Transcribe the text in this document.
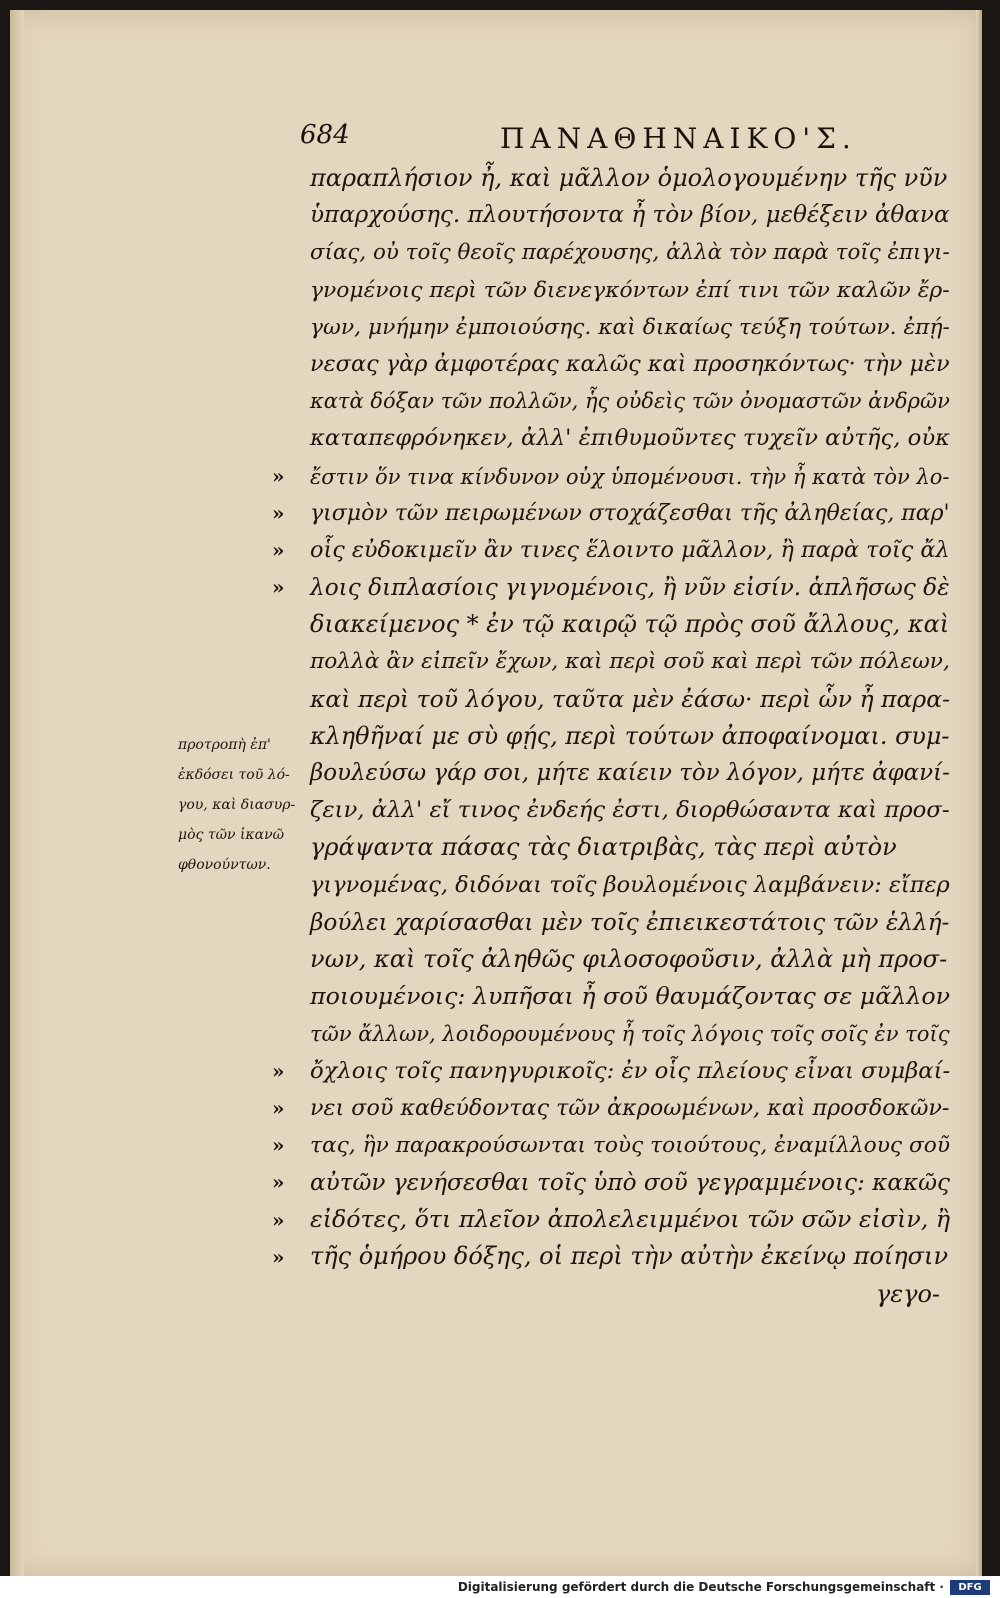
684	ΠΑΝΑΘΗΝΑΙΚΟ'Σ.
παραπλήσιον ἦ, καὶ μᾶλλον ὁμολογουμένην τῆς νῦν
ὑπαρχούσης. πλουτήσοντα ἦ τὸν βίον, μεθέξειν ἀθανα
σίας, οὐ τοῖς θεοῖς παρέχουσης, ἀλλὰ τὸν παρὰ τοῖς ἐπιγι-
γνομένοις περὶ τῶν διενεγκόντων ἐπί τινι τῶν καλῶν ἔρ-
γων, μνήμην ἐμποιούσης. καὶ δικαίως τεύξη τούτων. ἐπῄ-
νεσας γὰρ ἀμφοτέρας καλῶς καὶ προσηκόντως· τὴν μὲν
κατὰ δόξαν τῶν πολλῶν, ἧς οὐδεὶς τῶν ὀνομαστῶν ἀνδρῶν
καταπεφρόνηκεν, ἀλλ' ἐπιθυμοῦντες τυχεῖν αὐτῆς, οὐκ
ἔστιν ὅν τινα κίνδυνον οὐχ ὑπομένουσι. τὴν ἦ κατὰ τὸν λο-
γισμὸν τῶν πειρωμένων στοχάζεσθαι τῆς ἀληθείας, παρ'
οἷς εὐδοκιμεῖν ἂν τινες ἕλοιντο μᾶλλον, ἢ παρὰ τοῖς ἄλ
λοις διπλασίοις γιγνομένοις, ἢ νῦν εἰσίν. ἁπλῆσως δὲ
διακείμενος * ἐν τῷ καιρῷ τῷ πρὸς σοῦ ἄλλους, καὶ
πολλὰ ἂν εἰπεῖν ἔχων, καὶ περὶ σοῦ καὶ περὶ τῶν πόλεων,
καὶ περὶ τοῦ λόγου, ταῦτα μὲν ἐάσω· περὶ ὧν ἦ παρα-
κληθῆναί με σὺ φῄς, περὶ τούτων ἀποφαίνομαι. συμ-
βουλεύσω γάρ σοι, μήτε καίειν τὸν λόγον, μήτε ἀφανί-
ζειν, ἀλλ' εἴ τινος ἐνδεής ἐστι, διορθώσαντα καὶ προσ-
γράψαντα πάσας τὰς διατριβὰς, τὰς περὶ αὐτὸν
γιγνομένας, διδόναι τοῖς βουλομένοις λαμβάνειν: εἴπερ
βούλει χαρίσασθαι μὲν τοῖς ἐπιεικεστάτοις τῶν ἑλλή-
νων, καὶ τοῖς ἀληθῶς φιλοσοφοῦσιν, ἀλλὰ μὴ προσ-
ποιουμένοις: λυπῆσαι ἦ σοῦ θαυμάζοντας σε μᾶλλον
τῶν ἄλλων, λοιδορουμένους ἦ τοῖς λόγοις τοῖς σοῖς ἐν τοῖς
ὄχλοις τοῖς πανηγυρικοῖς: ἐν οἷς πλείους εἶναι συμβαί-
νει σοῦ καθεύδοντας τῶν ἀκροωμένων, καὶ προσδοκῶν-
τας, ἣν παρακρούσωνται τοὺς τοιούτους, ἐναμίλλους σοῦ
αὐτῶν γενήσεσθαι τοῖς ὑπὸ σοῦ γεγραμμένοις: κακῶς
εἰδότες, ὅτι πλεῖον ἀπολελειμμένοι τῶν σῶν εἰσὶν, ἢ
τῆς ὁμήρου δόξης, οἱ περὶ τὴν αὐτὴν ἐκείνῳ ποίησιν
γεγο-
»
»
»
»
»
»
»
»
»
»
προτροπὴ ἐπ'
ἐκδόσει τοῦ λό-
γου, καὶ διασυρ-
μὸς τῶν ἱκανῶ
φθονούντων.
Digitalisierung gefördert durch die Deutsche Forschungsgemeinschaft ·	DFG
